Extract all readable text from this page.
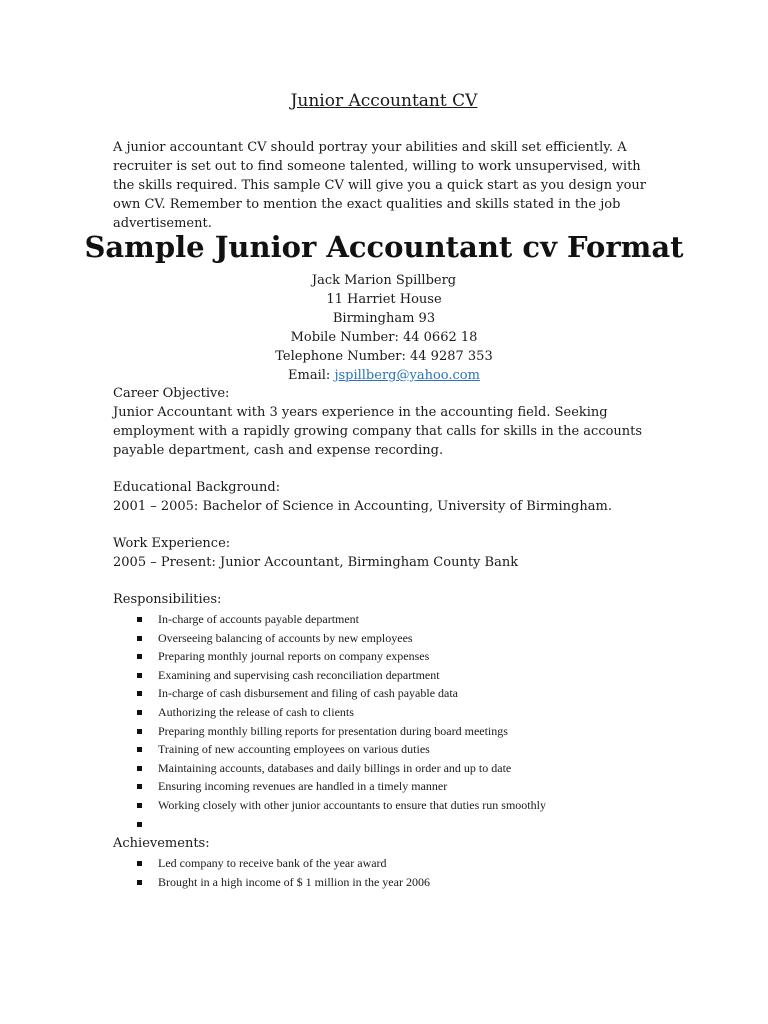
Junior Accountant CV
A junior accountant CV should portray your abilities and skill set efficiently. A recruiter is set out to find someone talented, willing to work unsupervised, with the skills required. This sample CV will give you a quick start as you design your own CV. Remember to mention the exact qualities and skills stated in the job advertisement.
Sample Junior Accountant cv Format
Jack Marion Spillberg
11 Harriet House
Birmingham 93
Mobile Number: 44 0662 18
Telephone Number: 44 9287 353
Email: jspillberg@yahoo.com

Career Objective:

Junior Accountant with 3 years experience in the accounting field. Seeking employment with a rapidly growing company that calls for skills in the accounts payable department, cash and expense recording.

Educational Background:

2001 – 2005: Bachelor of Science in Accounting, University of Birmingham.

Work Experience:

2005 – Present: Junior Accountant, Birmingham County Bank

Responsibilities:
In-charge of accounts payable department
Overseeing balancing of accounts by new employees
Preparing monthly journal reports on company expenses
Examining and supervising cash reconciliation department
In-charge of cash disbursement and filing of cash payable data
Authorizing the release of cash to clients
Preparing monthly billing reports for presentation during board meetings
Training of new accounting employees on various duties
Maintaining accounts, databases and daily billings in order and up to date
Ensuring incoming revenues are handled in a timely manner
Working closely with other junior accountants to ensure that duties run smoothly
Achievements:
Led company to receive bank of the year award
Brought in a high income of $ 1 million in the year 2006
